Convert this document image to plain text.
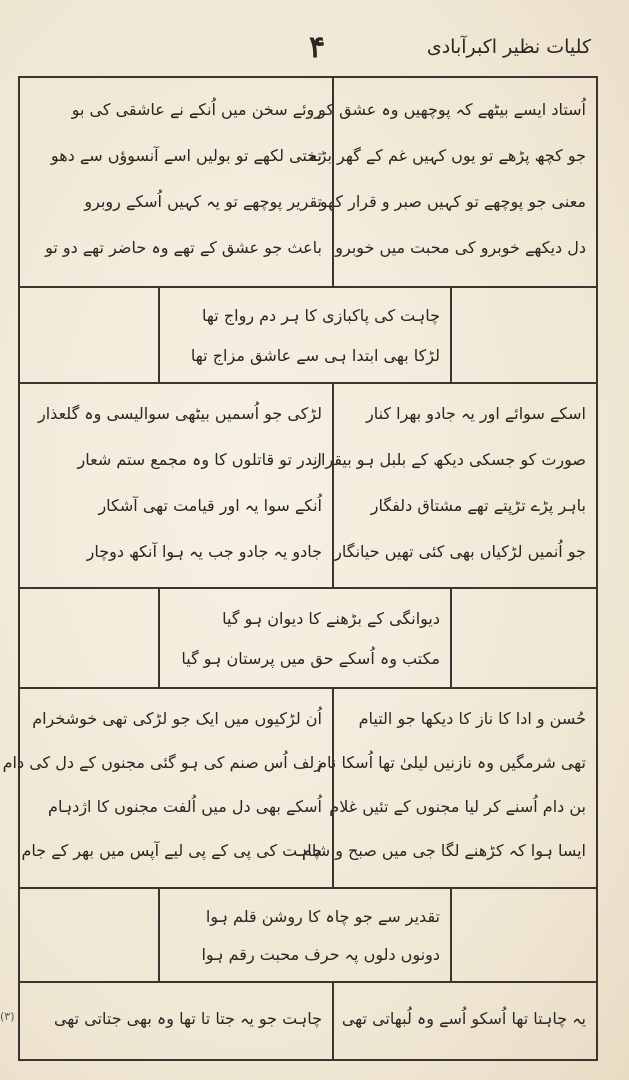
۴	کلیات نظیر اکبرآبادی
اُستاد ایسے بیٹھے کہ پوچھیں وہ عشق کو
جو کچھ پڑھے تو یوں کہیں غم کے گھر بڑے
معنی جو پوچھے تو کہیں صبر و قرار کھو
دل دیکھے خوبرو کی محبت میں خوبرو
روئے سخن میں اُنکے نے عاشقی کی بو
تختی لکھے تو بولیں اسے آنسوؤں سے دھو
تقریر پوچھے تو یہ کہیں اُسکے روبرو
باعث جو عشق کے تھے وہ حاضر تھے دو تو
چاہت کی پاکبازی کا ہر دم رواج تھا
لڑکا بھی ابتدا ہی سے عاشق مزاج تھا
اسکے سوائے اور یہ جادو بھرا کنار
صورت کو جسکی دیکھ کے بلبل ہو بیقرار
باہر پڑے تڑپتے تھے مشتاق دلفگار
جو اُنمیں لڑکیاں بھی کئی تھیں حیانگار
لڑکی جو اُسمیں بیٹھی سوالیسی وہ گلعذار
اندر تو قاتلوں کا وہ مجمع ستم شعار
اُنکے سوا یہ اور قیامت تھی آشکار
جادو یہ جادو جب یہ ہوا آنکھ دوچار
دیوانگی کے بڑھنے کا دیوان ہو گیا
مکتب وہ اُسکے حق میں پرستان ہو گیا
حُسن و ادا کا ناز کا دیکھا جو التیام
تھی شرمگیں وہ نازنیں لیلیٰ تھا اُسکا نام
بن دام اُسنے کر لیا مجنوں کے تئیں غلام
ایسا ہوا کہ کڑھنے لگا جی میں صبح و شام
اُن لڑکیوں میں ایک جو لڑکی تھی خوشخرام
زلف اُس صنم کی ہو گئی مجنوں کے دل کی دام
اُسکے بھی دل میں اُلفت مجنوں کا اژدہام
چاہت کی پی کے پی لیے آپس میں بھر کے جام
تقدیر سے جو چاہ کا روشن قلم ہوا
دونوں دلوں پہ حرف محبت رقم ہوا
یہ چاہتا تھا اُسکو اُسے وہ لُبھاتی تھی
چاہت جو یہ جتا تا تھا وہ بھی جتاتی تھی
(۳)
